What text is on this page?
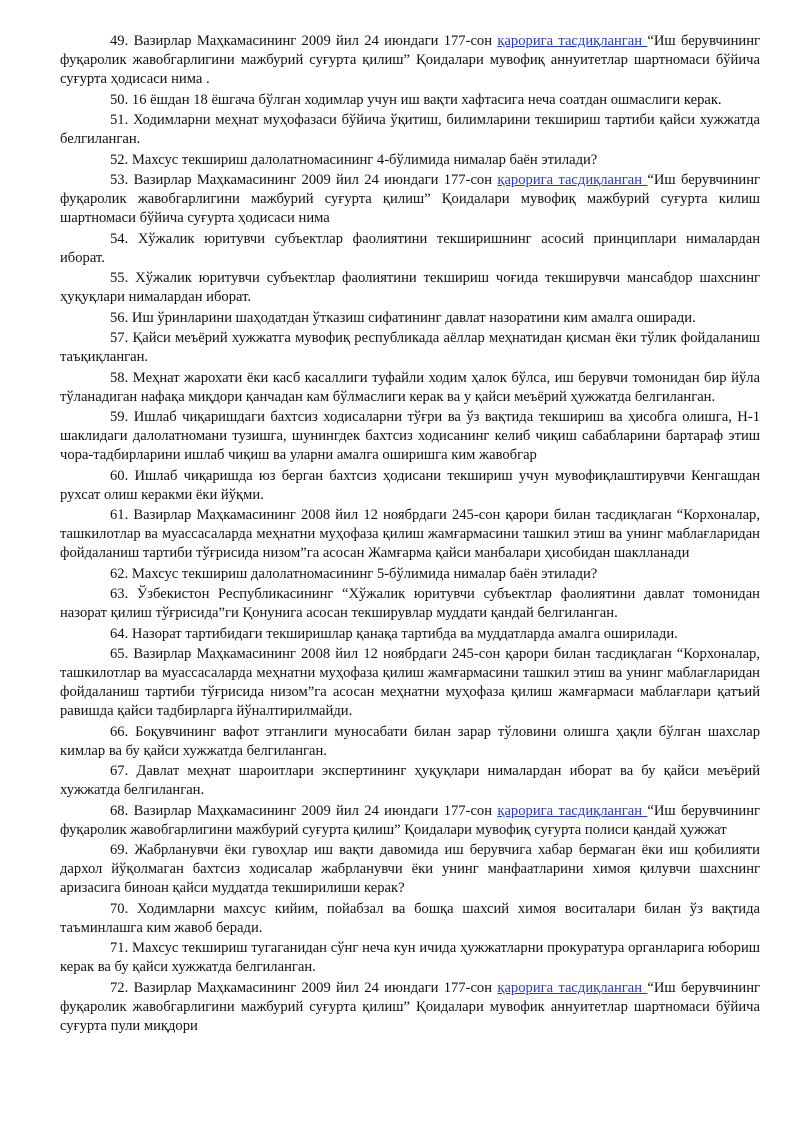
49. Вазирлар Маҳкамасининг 2009 йил 24 июндаги 177-сон қарорига тасдиқланган “Иш берувчининг фуқаролик жавобгарлигини мажбурий суғурта қилиш” Қоидалари мувофиқ аннуитетлар шартномаси бўйича суғурта ҳодисаси нима .

50. 16 ёшдан 18 ёшгача бўлган ходимлар учун иш вақти хафтасига неча соатдан ошмаслиги керак.

51. Ходимларни меҳнат муҳофазаси бўйича ўқитиш, билимларини текшириш тартиби қайси хужжатда белгиланган.

52. Махсус текшириш далолатномасининг 4-бўлимида нималар баён этилади?

53. Вазирлар Маҳкамасининг 2009 йил 24 июндаги 177-сон қарорига тасдиқланган “Иш берувчининг фуқаролик жавобгарлигини мажбурий суғурта қилиш” Қоидалари мувофиқ мажбурий суғурта килиш шартномаси бўйича суғурта ҳодисаси нима

54. Хўжалик юритувчи субъектлар фаолиятини текширишнинг асосий принциплари нималардан иборат.

55. Хўжалик юритувчи субъектлар фаолиятини текшириш чоғида текширувчи мансабдор шахснинг ҳуқуқлари нималардан иборат.

56. Иш ўринларини шаҳодатдан ўтказиш сифатининг давлат назоратини ким амалга оширади.

57. Қайси меъёрий хужжатга мувофиқ республикада аёллар меҳнатидан қисман ёки тўлик фойдаланиш таъқиқланган.

58. Меҳнат жарохати ёки касб касаллиги туфайли ходим ҳалок бўлса, иш берувчи томонидан бир йўла тўланадиган нафақа миқдори қанчадан кам бўлмаслиги керак ва у қайси меъёрий ҳужжатда белгиланган.

59. Ишлаб чиқаришдаги бахтсиз ходисаларни тўғри ва ўз вақтида текшириш ва ҳисобга олишга, Н-1 шаклидаги далолатномани тузишга, шунингдек бахтсиз ходисанинг келиб чиқиш сабабларини бартараф этиш чора-тадбирларини ишлаб чиқиш ва уларни амалга оширишга ким жавобгар

60. Ишлаб чиқаришда юз берган бахтсиз ҳодисани текшириш учун мувофиқлаштирувчи Кенгашдан рухсат олиш керакми ёки йўқми.

61. Вазирлар Маҳкамасининг 2008 йил 12 ноябрдаги 245-сон қарори билан тасдиқлаган “Корхоналар, ташкилотлар ва муассасаларда меҳнатни муҳофаза қилиш жамғармасини ташкил этиш ва унинг маблағларидан фойдаланиш тартиби тўғрисида низом”га асосан Жамғарма қайси манбалари ҳисобидан шаклланади

62. Махсус текшириш далолатномасининг 5-бўлимида нималар баён этилади?

63. Ўзбекистон Республикасининг “Хўжалик юритувчи субъектлар фаолиятини давлат томонидан назорат қилиш тўғрисида”ги Қонунига асосан текширувлар муддати қандай белгиланган.

64. Назорат тартибидаги текширишлар қанақа тартибда ва муддатларда амалга оширилади.

65. Вазирлар Маҳкамасининг 2008 йил 12 ноябрдаги 245-сон қарори билан тасдиқлаган “Корхоналар, ташкилотлар ва муассасаларда меҳнатни муҳофаза қилиш жамғармасини ташкил этиш ва унинг маблағларидан фойдаланиш тартиби тўғрисида низом”га асосан меҳнатни муҳофаза қилиш жамғармаси маблағлари қатъий равишда қайси тадбирларга йўналтирилмайди.

66. Боқувчининг вафот этганлиги муносабати билан зарар тўловини олишга ҳақли бўлган шахслар кимлар ва бу қайси хужжатда белгиланган.

67. Давлат меҳнат шароитлари экспертининг ҳуқуқлари нималардан иборат ва бу қайси меъёрий хужжатда белгиланган.

68. Вазирлар Маҳкамасининг 2009 йил 24 июндаги 177-сон қарорига тасдиқланган “Иш берувчининг фуқаролик жавобгарлигини мажбурий суғурта қилиш” Қоидалари мувофиқ суғурта полиси қандай ҳужжат

69. Жабрланувчи ёки гувоҳлар иш вақти давомида иш берувчига хабар бермаган ёки иш қобилияти дархол йўқолмаган бахтсиз ходисалар жабрланувчи ёки унинг манфаатларини химоя қилувчи шахснинг аризасига биноан қайси муддатда текширилиши керак?

70. Ходимларни махсус кийим, пойабзал ва бошқа шахсий химоя воситалари билан ўз вақтида таъминлашга ким жавоб беради.

71. Махсус текшириш тугаганидан сўнг неча кун ичида ҳужжатларни прокуратура органларига юбориш керак ва бу қайси хужжатда белгиланган.

72. Вазирлар Маҳкамасининг 2009 йил 24 июндаги 177-сон қарорига тасдиқланган “Иш берувчининг фуқаролик жавобгарлигини мажбурий суғурта қилиш” Қоидалари мувофик аннуитетлар шартномаси бўйича суғурта пули миқдори
